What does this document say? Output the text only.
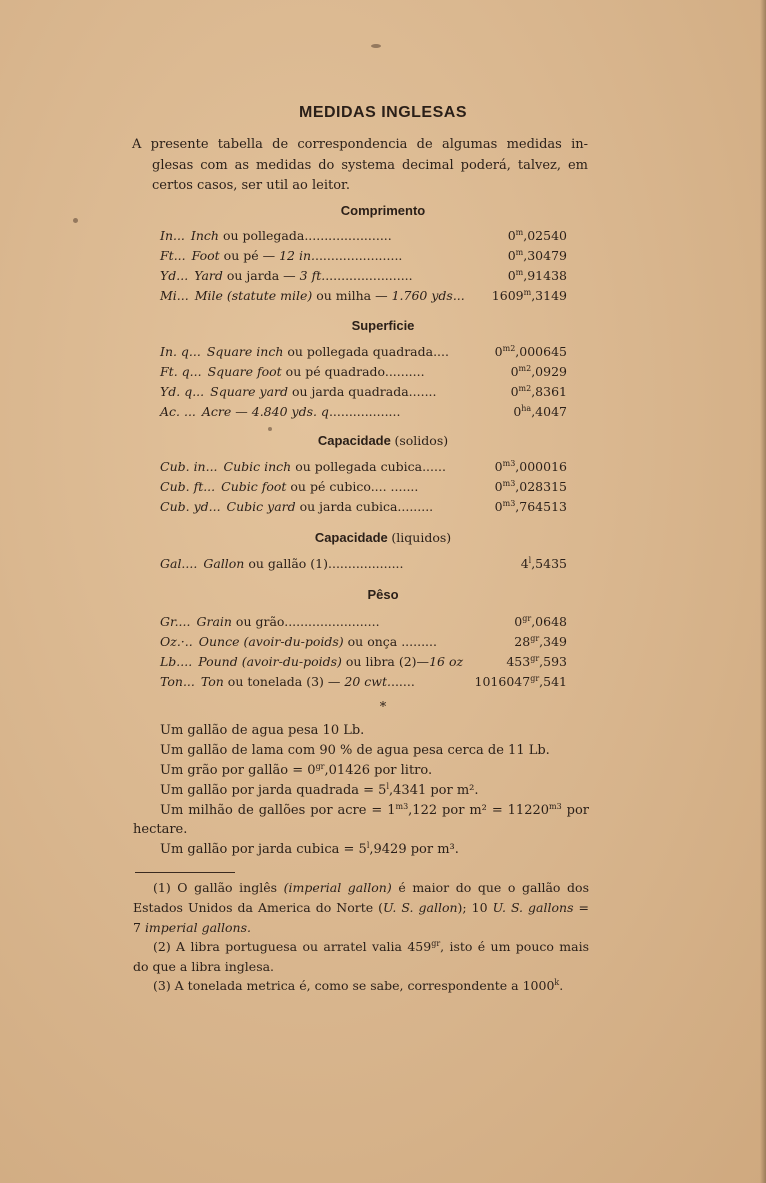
MEDIDAS INGLESAS
A presente tabella de correspondencia de algumas medidas in-
glesas com as medidas do systema decimal poderá, talvez, em
certos casos, ser util ao leitor.
Comprimento
Superficie
Capacidade (solidos)
Capacidade (liquidos)
Pêso
In... Inch ou pollegada......................	0$^m$,02540
Ft... Foot ou pé — 12 in.......................	0$^m$,30479
Yd... Yard ou jarda — 3 ft.......................	0$^m$,91438
Mi... Mile (statute mile) ou milha — 1.760 yds... 1609$^m$,3149
In. q... Square inch ou pollegada quadrada....	$0^{m2},000645$
Ft. q... Square foot ou pé quadrado..........	$0^{m2},0929$
Yd. q... Square yard ou jarda quadrada.......	$0^{m2},8361$
Ac. ... Acre — 4.840 yds. q..................	$0^{ha},4047$
Cub. in... Cubic inch ou pollegada cubica......	$0^{m3},000016$
Cub. ft... Cubic foot ou pé cubico.... .......	$0^{m3},028315$
Cub. yd... Cubic yard ou jarda cubica.........	$0^{m3},764513$
Gal.... Gallon ou gallão (1)...................	4$^l$,5435
Gr.... Grain ou grão........................	$0^{gr},0648$
Oz.·.. Ounce (avoir-du-poids) ou onça .........	$28^{gr},349$
Lb.... Pound (avoir-du-poids) ou libra (2)—16 oz	$453^{gr},593$
Ton... Ton ou tonelada (3) — 20 cwt.......	$1016047^{gr},541$
*
Um gallão de agua pesa 10 Lb.
Um gallão de lama com 90 % de agua pesa cerca de 11 Lb.
Um grão por gallão = $0^{gr},01426$ por litro.
Um gallão por jarda quadrada = $5^l,4341$ por m².
Um milhão de gallões por acre = $1^{m3},122$ por $m^2 = 11220^{m3}$ por
hectare.
Um gallão por jarda cubica = $5^l,9429$ por m³.
(1) O gallão inglês (imperial gallon) é maior do que o gallão dos
Estados Unidos da America do Norte (U. S. gallon); 10 U. S. gallons =
7 imperial gallons.
(2) A libra portuguesa ou arratel valia $459^{gr}$, isto é um pouco mais
do que a libra inglesa.
(3) A tonelada metrica é, como se sabe, correspondente a 1000$^k$.
